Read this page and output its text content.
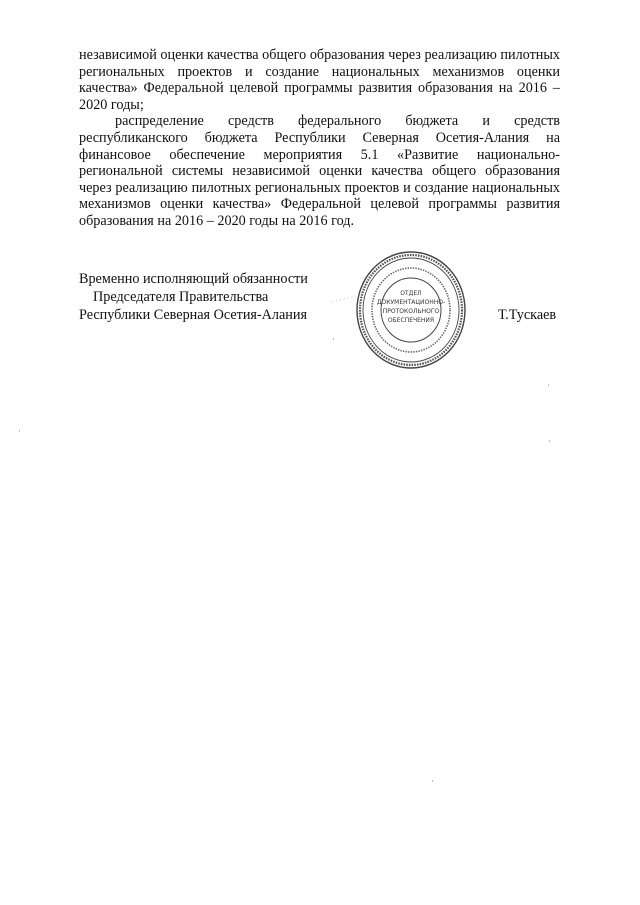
независимой оценки качества общего образования через реализацию пилотных региональных проектов и создание национальных механизмов оценки качества» Федеральной целевой программы развития образования на 2016 – 2020 годы;

распределение средств федерального бюджета и средств республиканского бюджета Республики Северная Осетия-Алания на финансовое обеспечение мероприятия 5.1 «Развитие национально-региональной системы независимой оценки качества общего образования через реализацию пилотных региональных проектов и создание национальных механизмов оценки качества» Федеральной целевой программы развития образования на 2016 – 2020 годы на 2016 год.

Временно исполняющий обязанности
Председателя Правительства
Республики Северная Осетия-Алания	Т.Тускаев
ОТДЕЛ
ДОКУМЕНТАЦИОННО-
ПРОТОКОЛЬНОГО
ОБЕСПЕЧЕНИЯ
